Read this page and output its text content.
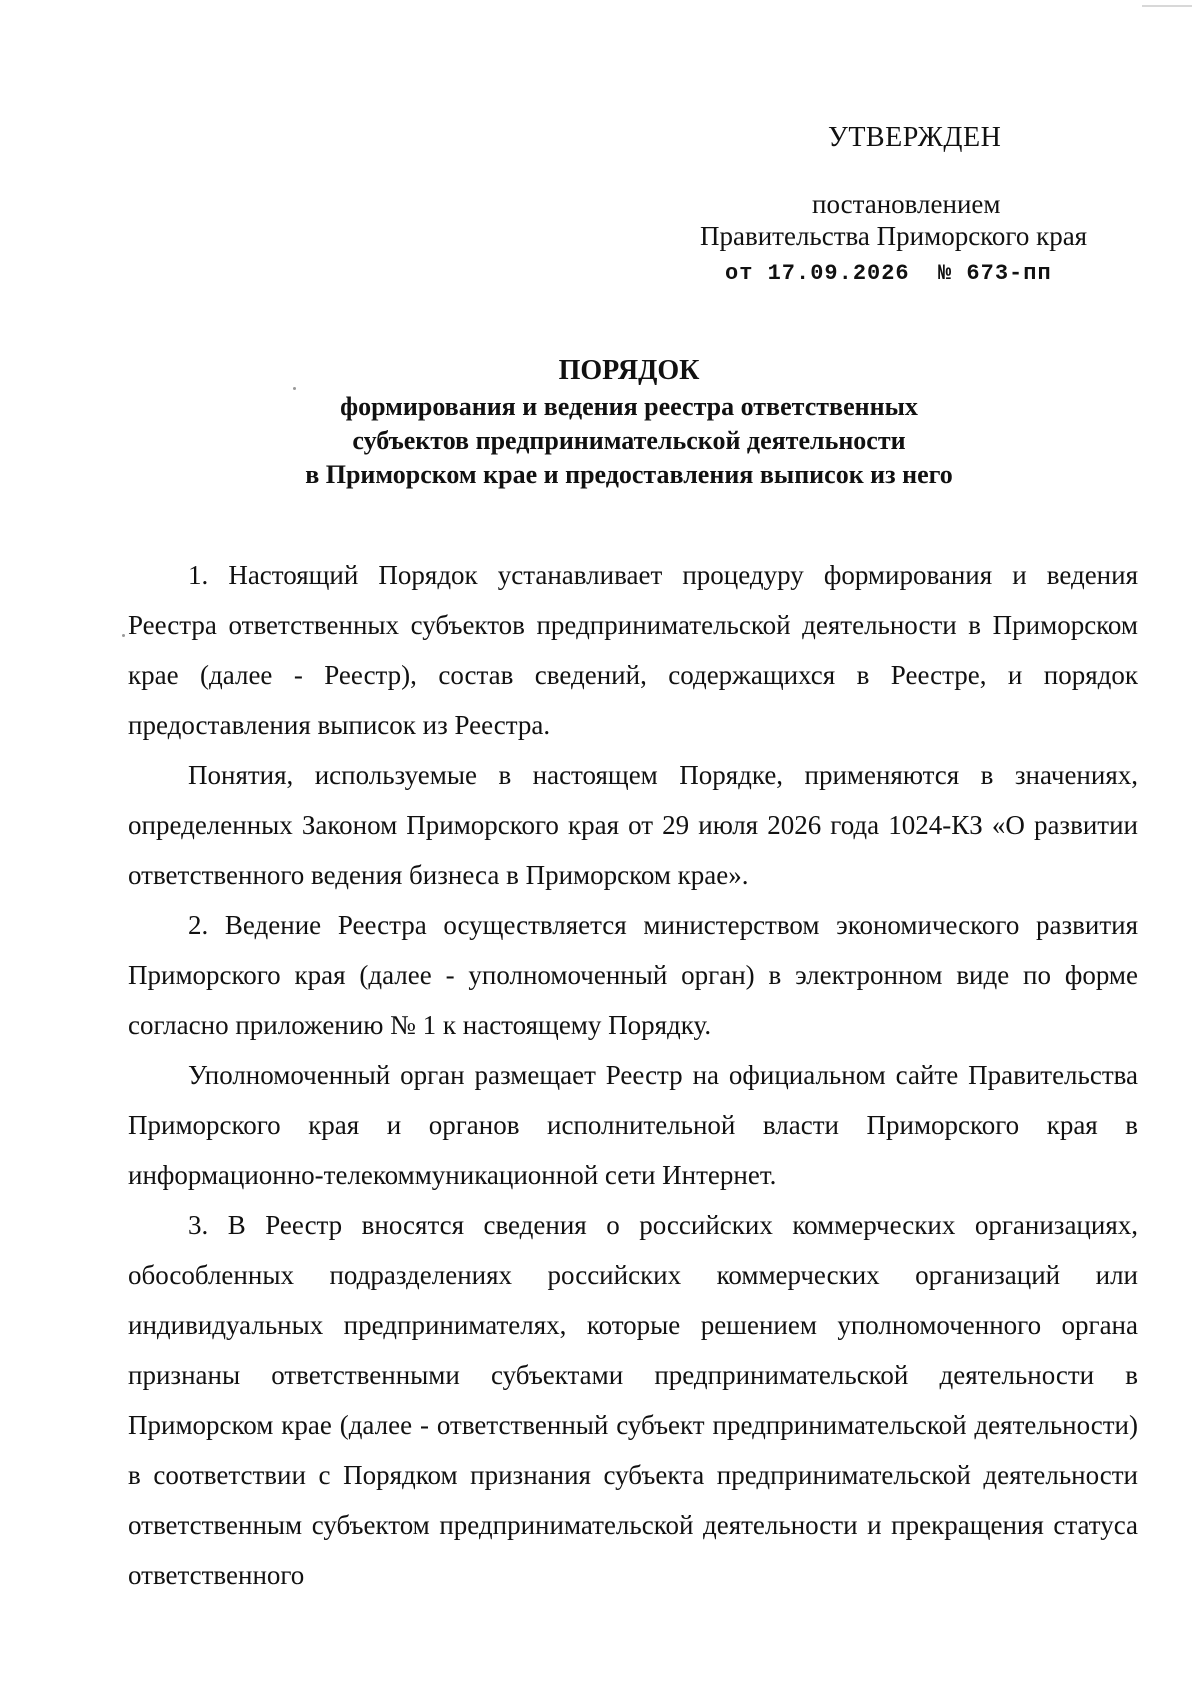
УТВЕРЖДЕН
постановлением
Правительства Приморского края
от 17.09.2026  № 673-пп
ПОРЯДОК
формирования и ведения реестра ответственных
субъектов предпринимательской деятельности
в Приморском крае и предоставления выписок из него

1. Настоящий Порядок устанавливает процедуру формирования и ведения Реестра ответственных субъектов предпринимательской деятельности в Приморском крае (далее - Реестр), состав сведений, содержащихся в Реестре, и порядок предоставления выписок из Реестра.

Понятия, используемые в настоящем Порядке, применяются в значениях, определенных Законом Приморского края от 29 июля 2026 года 1024-КЗ «О развитии ответственного ведения бизнеса в Приморском крае».

2. Ведение Реестра осуществляется министерством экономического развития Приморского края (далее - уполномоченный орган) в электронном виде по форме согласно приложению № 1 к настоящему Порядку.

Уполномоченный орган размещает Реестр на официальном сайте Правительства Приморского края и органов исполнительной власти Приморского края в информационно-телекоммуникационной сети Интернет.

3. В Реестр вносятся сведения о российских коммерческих организациях, обособленных подразделениях российских коммерческих организаций или индивидуальных предпринимателях, которые решением уполномоченного органа признаны ответственными субъектами предпринимательской деятельности в Приморском крае (далее - ответственный субъект предпринимательской деятельности) в соответствии с Порядком признания субъекта предпринимательской деятельности ответственным субъектом предпринимательской деятельности и прекращения статуса ответственного
